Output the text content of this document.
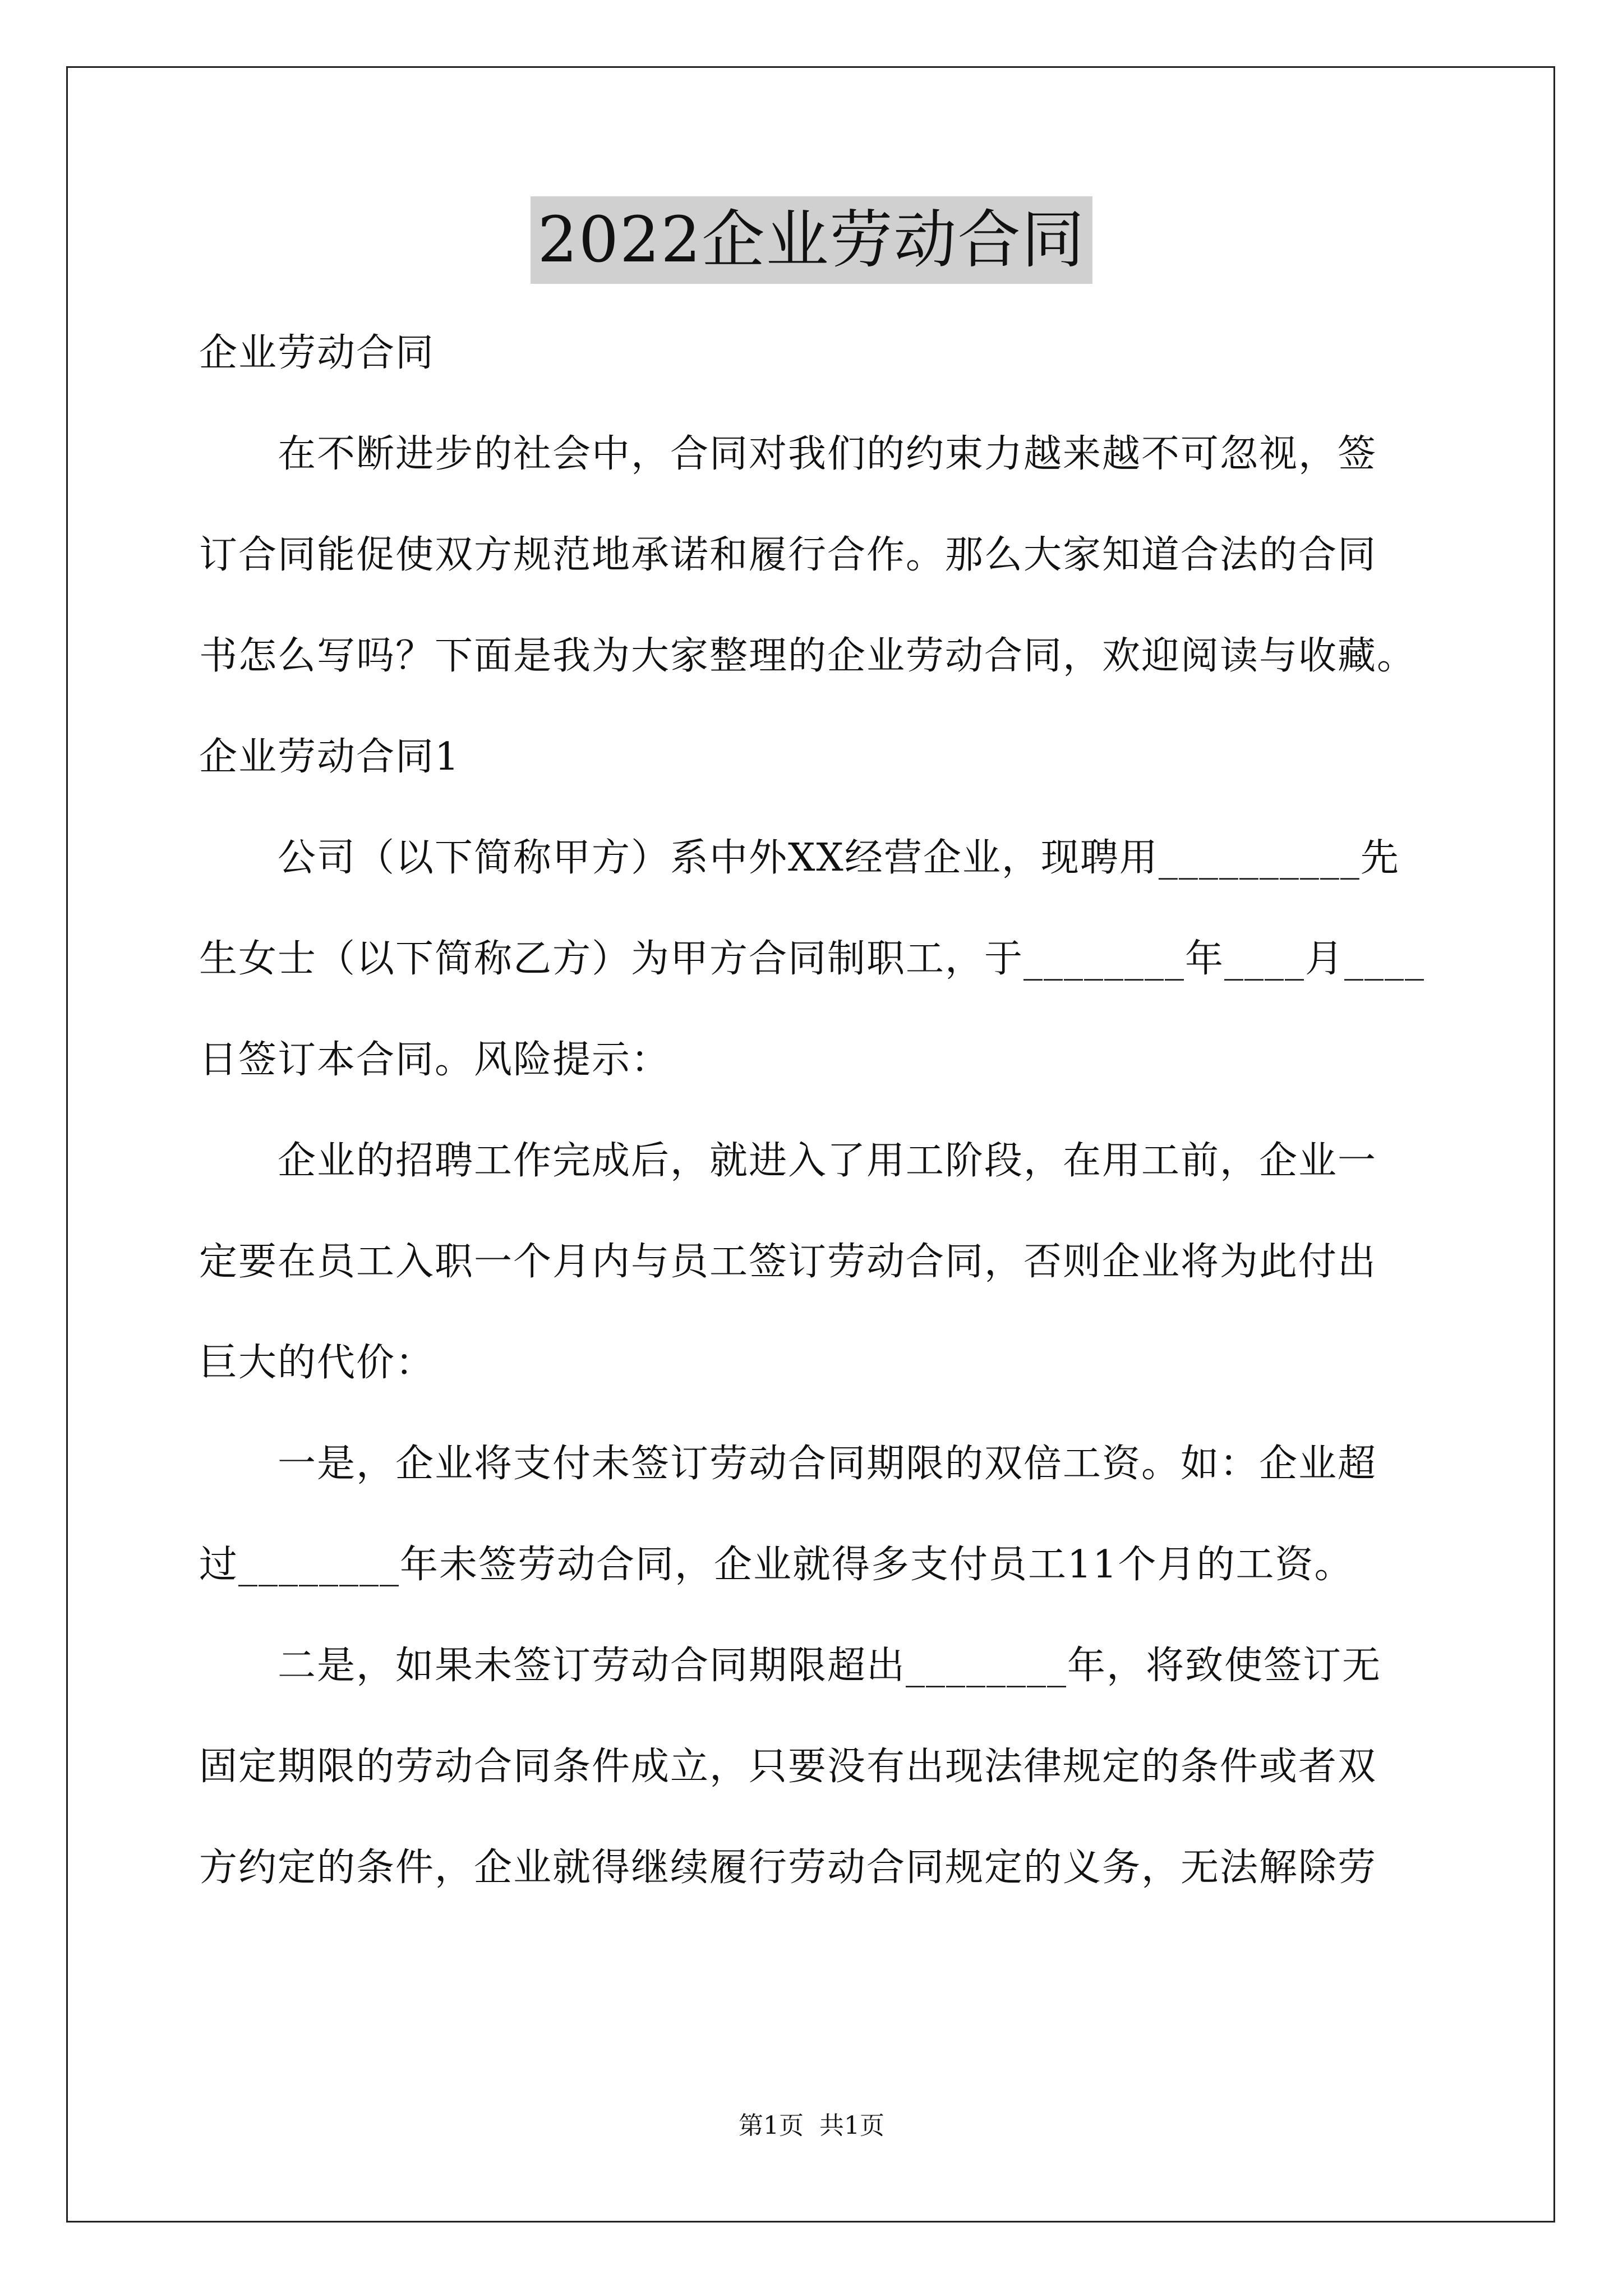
2022企业劳动合同
企业劳动合同
在不断进步的社会中，合同对我们的约束力越来越不可忽视，签
订合同能促使双方规范地承诺和履行合作。那么大家知道合法的合同
书怎么写吗？下面是我为大家整理的企业劳动合同，欢迎阅读与收藏。
企业劳动合同1
公司（以下简称甲方）系中外XX经营企业，现聘用__________先
生女士（以下简称乙方）为甲方合同制职工，于________年____月____
日签订本合同。风险提示：
企业的招聘工作完成后，就进入了用工阶段，在用工前，企业一
定要在员工入职一个月内与员工签订劳动合同，否则企业将为此付出
巨大的代价：
一是，企业将支付未签订劳动合同期限的双倍工资。如：企业超
过________年未签劳动合同，企业就得多支付员工11个月的工资。
二是，如果未签订劳动合同期限超出________年，将致使签订无
固定期限的劳动合同条件成立，只要没有出现法律规定的条件或者双
方约定的条件，企业就得继续履行劳动合同规定的义务，无法解除劳
第1页 共1页
